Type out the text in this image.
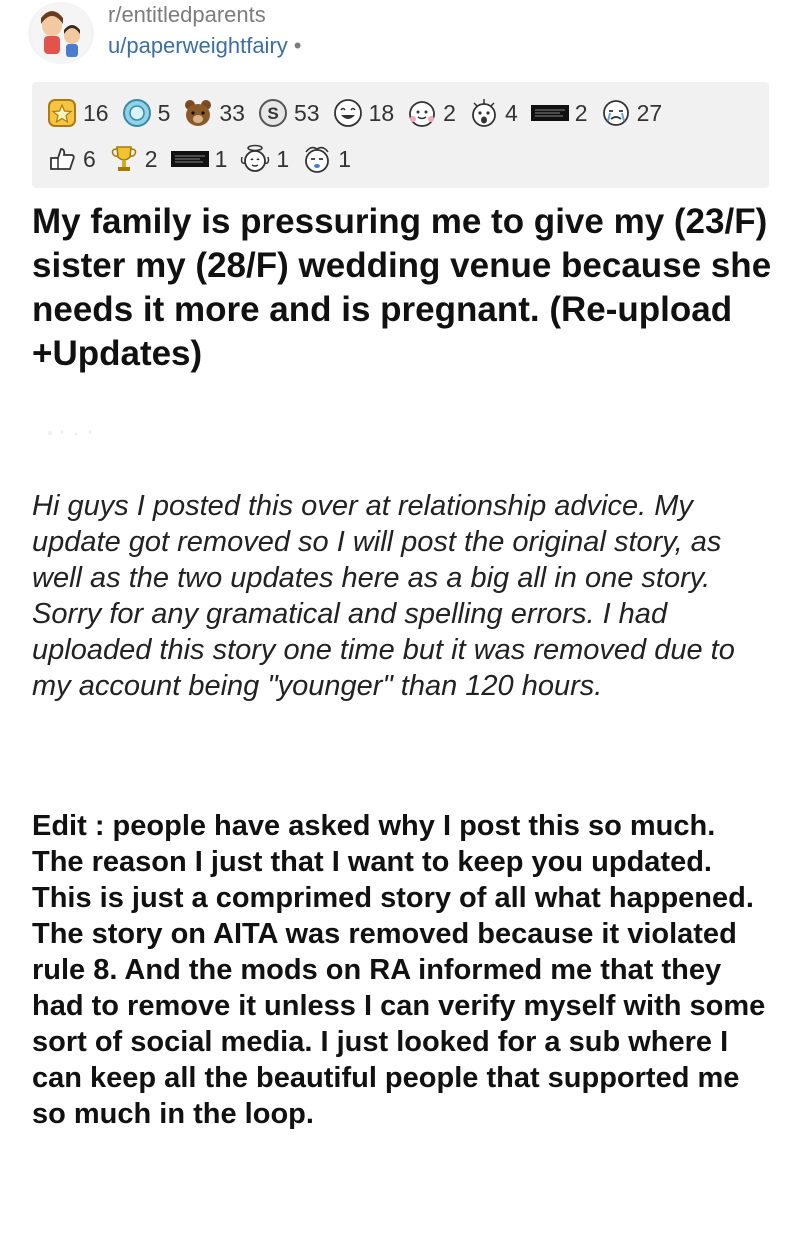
r/entitledparents
u/paperweightfairy •
16 5 33 S 53 18 2 4 2 27
6 2 1 1 1
My family is pressuring me to give my (23/F) sister my (28/F) wedding venue because she needs it more and is pregnant. (Re-upload +Updates)

Hi guys I posted this over at relationship advice. My update got removed so I will post the original story, as well as the two updates here as a big all in one story. Sorry for any gramatical and spelling errors. I had uploaded this story one time but it was removed due to my account being "younger" than 120 hours.

Edit : people have asked why I post this so much. The reason I just that I want to keep you updated. This is just a comprimed story of all what happened. The story on AITA was removed because it violated rule 8. And the mods on RA informed me that they had to remove it unless I can verify myself with some sort of social media. I just looked for a sub where I can keep all the beautiful people that supported me so much in the loop.
